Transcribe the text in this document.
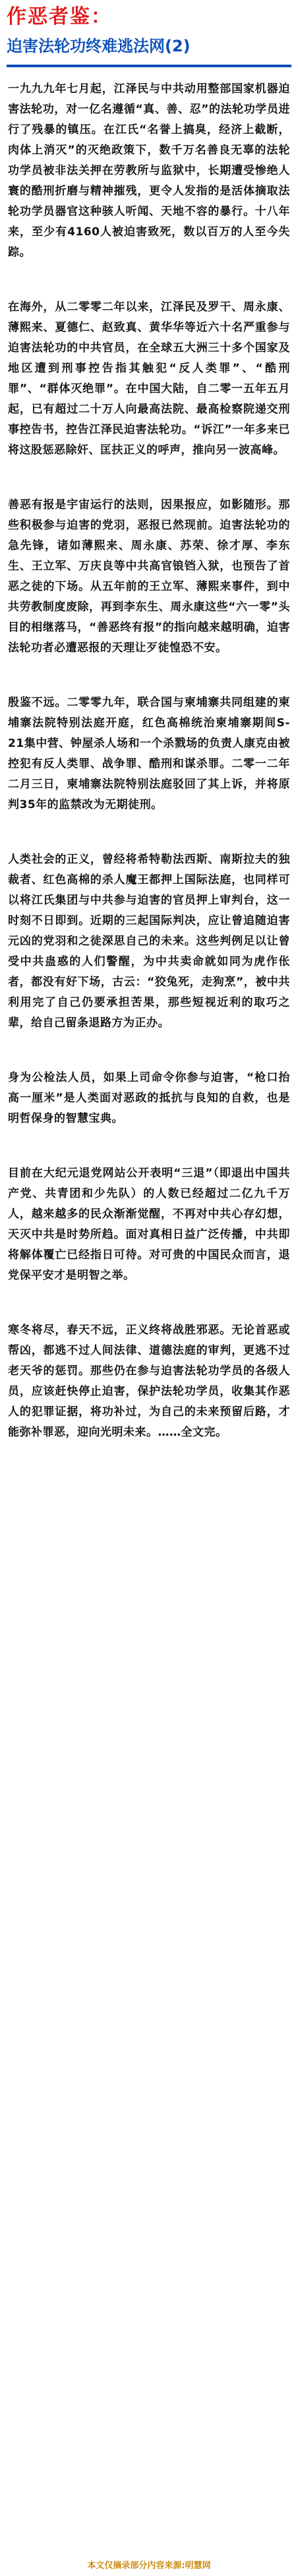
作恶者鉴：
迫害法轮功终难逃法网(2)

一九九九年七月起，江泽民与中共动用整部国家机器迫害法轮功，对一亿名遵循“真、善、忍”的法轮功学员进行了残暴的镇压。在江氏“名誉上搞臭，经济上截断，肉体上消灭”的灭绝政策下，数千万名善良无辜的法轮功学员被非法关押在劳教所与监狱中，长期遭受惨绝人寰的酷刑折磨与精神摧残，更令人发指的是活体摘取法轮功学员器官这种骇人听闻、天地不容的暴行。十八年来，至少有4160人被迫害致死，数以百万的人至今失踪。

在海外，从二零零二年以来，江泽民及罗干、周永康、薄熙来、夏德仁、赵致真、黄华华等近六十名严重参与迫害法轮功的中共官员，在全球五大洲三十多个国家及地区遭到刑事控告指其触犯“反人类罪”、“酷刑罪”、“群体灭绝罪”。在中国大陆，自二零一五年五月起，已有超过二十万人向最高法院、最高检察院递交刑事控告书，控告江泽民迫害法轮功。“诉江”一年多来已将这股惩恶除奸、匡扶正义的呼声，推向另一波高峰。

善恶有报是宇宙运行的法则，因果报应，如影随形。那些积极参与迫害的党羽，恶报已然现前。迫害法轮功的急先锋，诸如薄熙来、周永康、苏荣、徐才厚、李东生、王立军、万庆良等中共高官锒铛入狱，也预告了首恶之徒的下场。从五年前的王立军、薄熙来事件，到中共劳教制度废除，再到李东生、周永康这些“六一零”头目的相继落马，“善恶终有报”的指向越来越明确，迫害法轮功者必遭恶报的天理让歹徒惶恐不安。

殷鉴不远。二零零九年，联合国与柬埔寨共同组建的柬埔寨法院特别法庭开庭，红色高棉统治柬埔寨期间S-21集中营、钟屋杀人场和一个杀戮场的负责人康克由被控犯有反人类罪、战争罪、酷刑和谋杀罪。二零一二年二月三日，柬埔寨法院特别法庭驳回了其上诉，并将原判35年的监禁改为无期徒刑。

人类社会的正义，曾经将希特勒法西斯、南斯拉夫的独裁者、红色高棉的杀人魔王都押上国际法庭，也同样可以将江氏集团与中共参与迫害的官员押上审判台，这一时刻不日即到。近期的三起国际判决，应让曾追随迫害元凶的党羽和之徒深思自己的未来。这些判例足以让曾受中共蛊惑的人们警醒，为中共卖命就如同为虎作伥者，都没有好下场，古云：“狡兔死，走狗烹”，被中共利用完了自己仍要承担苦果，那些短视近利的取巧之辈，给自己留条退路方为正办。

身为公检法人员，如果上司命令你参与迫害，“枪口抬高一厘米”是人类面对恶政的抵抗与良知的自救，也是明哲保身的智慧宝典。

目前在大纪元退党网站公开表明“三退”（即退出中国共产党、共青团和少先队）的人数已经超过二亿九千万人，越来越多的民众渐渐觉醒，不再对中共心存幻想，天灭中共是时势所趋。面对真相日益广泛传播，中共即将解体覆亡已经指日可待。对可贵的中国民众而言，退党保平安才是明智之举。

寒冬将尽，春天不远，正义终将战胜邪恶。无论首恶或帮凶，都逃不过人间法律、道德法庭的审判，更逃不过老天爷的惩罚。那些仍在参与迫害法轮功学员的各级人员，应该赶快停止迫害，保护法轮功学员，收集其作恶人的犯罪证据，将功补过，为自己的未来预留后路，才能弥补罪恶，迎向光明未来。……全文完。

本文仅摘录部分内容来源:明慧网
